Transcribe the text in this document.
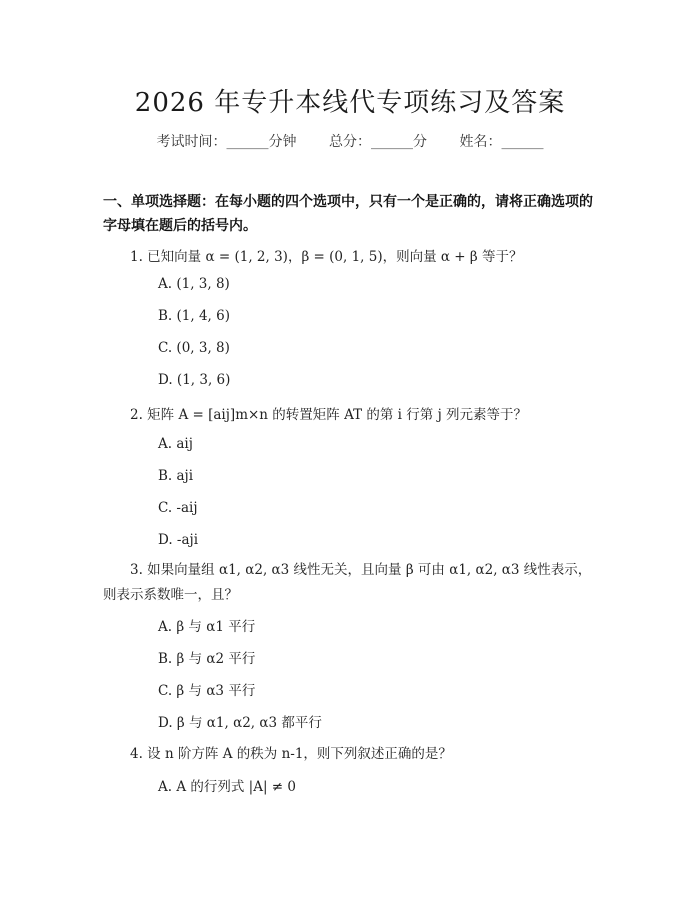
2026 年专升本线代专项练习及答案
考试时间：______分钟 总分：______分 姓名：______
一、单项选择题：在每小题的四个选项中，只有一个是正确的，请将正确选项的字母填在题后的括号内。
1. 已知向量 α = (1, 2, 3)，β = (0, 1, 5)，则向量 α + β 等于？
A. (1, 3, 8)
B. (1, 4, 6)
C. (0, 3, 8)
D. (1, 3, 6)
2. 矩阵 A = [aij]m×n 的转置矩阵 AT 的第 i 行第 j 列元素等于？
A. aij
B. aji
C. -aij
D. -aji
3. 如果向量组 α1, α2, α3 线性无关，且向量 β 可由 α1, α2, α3 线性表示，则表示系数唯一，且？
A. β 与 α1 平行
B. β 与 α2 平行
C. β 与 α3 平行
D. β 与 α1, α2, α3 都平行
4. 设 n 阶方阵 A 的秩为 n-1，则下列叙述正确的是？
A. A 的行列式 |A| ≠ 0
